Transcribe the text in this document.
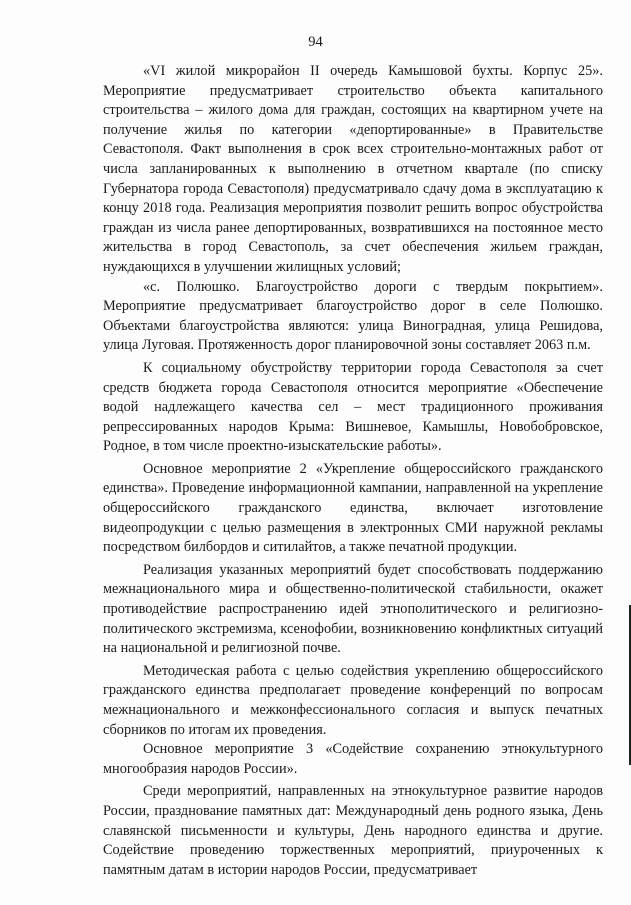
94

«VI жилой микрорайон II очередь Камышовой бухты. Корпус 25». Мероприятие предусматривает строительство объекта капитального строительства – жилого дома для граждан, состоящих на квартирном учете на получение жилья по категории «депортированные» в Правительстве Севастополя. Факт выполнения в срок всех строительно-монтажных работ от числа запланированных к выполнению в отчетном квартале (по списку Губернатора города Севастополя) предусматривало сдачу дома в эксплуатацию к концу 2018 года. Реализация мероприятия позволит решить вопрос обустройства граждан из числа ранее депортированных, возвратившихся на постоянное место жительства в город Севастополь, за счет обеспечения жильем граждан, нуждающихся в улучшении жилищных условий;

«с. Полюшко. Благоустройство дороги с твердым покрытием». Мероприятие предусматривает благоустройство дорог в селе Полюшко. Объектами благоустройства являются: улица Виноградная, улица Решидова, улица Луговая. Протяженность дорог планировочной зоны составляет 2063 п.м.

К социальному обустройству территории города Севастополя за счет средств бюджета города Севастополя относится мероприятие «Обеспечение водой надлежащего качества сел – мест традиционного проживания репрессированных народов Крыма: Вишневое, Камышлы, Новобобровское, Родное, в том числе проектно-изыскательские работы».

Основное мероприятие 2 «Укрепление общероссийского гражданского единства». Проведение информационной кампании, направленной на укрепление общероссийского гражданского единства, включает изготовление видеопродукции с целью размещения в электронных СМИ наружной рекламы посредством билбордов и ситилайтов, а также печатной продукции.

Реализация указанных мероприятий будет способствовать поддержанию межнационального мира и общественно-политической стабильности, окажет противодействие распространению идей этнополитического и религиозно-политического экстремизма, ксенофобии, возникновению конфликтных ситуаций на национальной и религиозной почве.

Методическая работа с целью содействия укреплению общероссийского гражданского единства предполагает проведение конференций по вопросам межнационального и межконфессионального согласия и выпуск печатных сборников по итогам их проведения.

Основное мероприятие 3 «Содействие сохранению этнокультурного многообразия народов России».

Среди мероприятий, направленных на этнокультурное развитие народов России, празднование памятных дат: Международный день родного языка, День славянской письменности и культуры, День народного единства и другие. Содействие проведению торжественных мероприятий, приуроченных к памятным датам в истории народов России, предусматривает
